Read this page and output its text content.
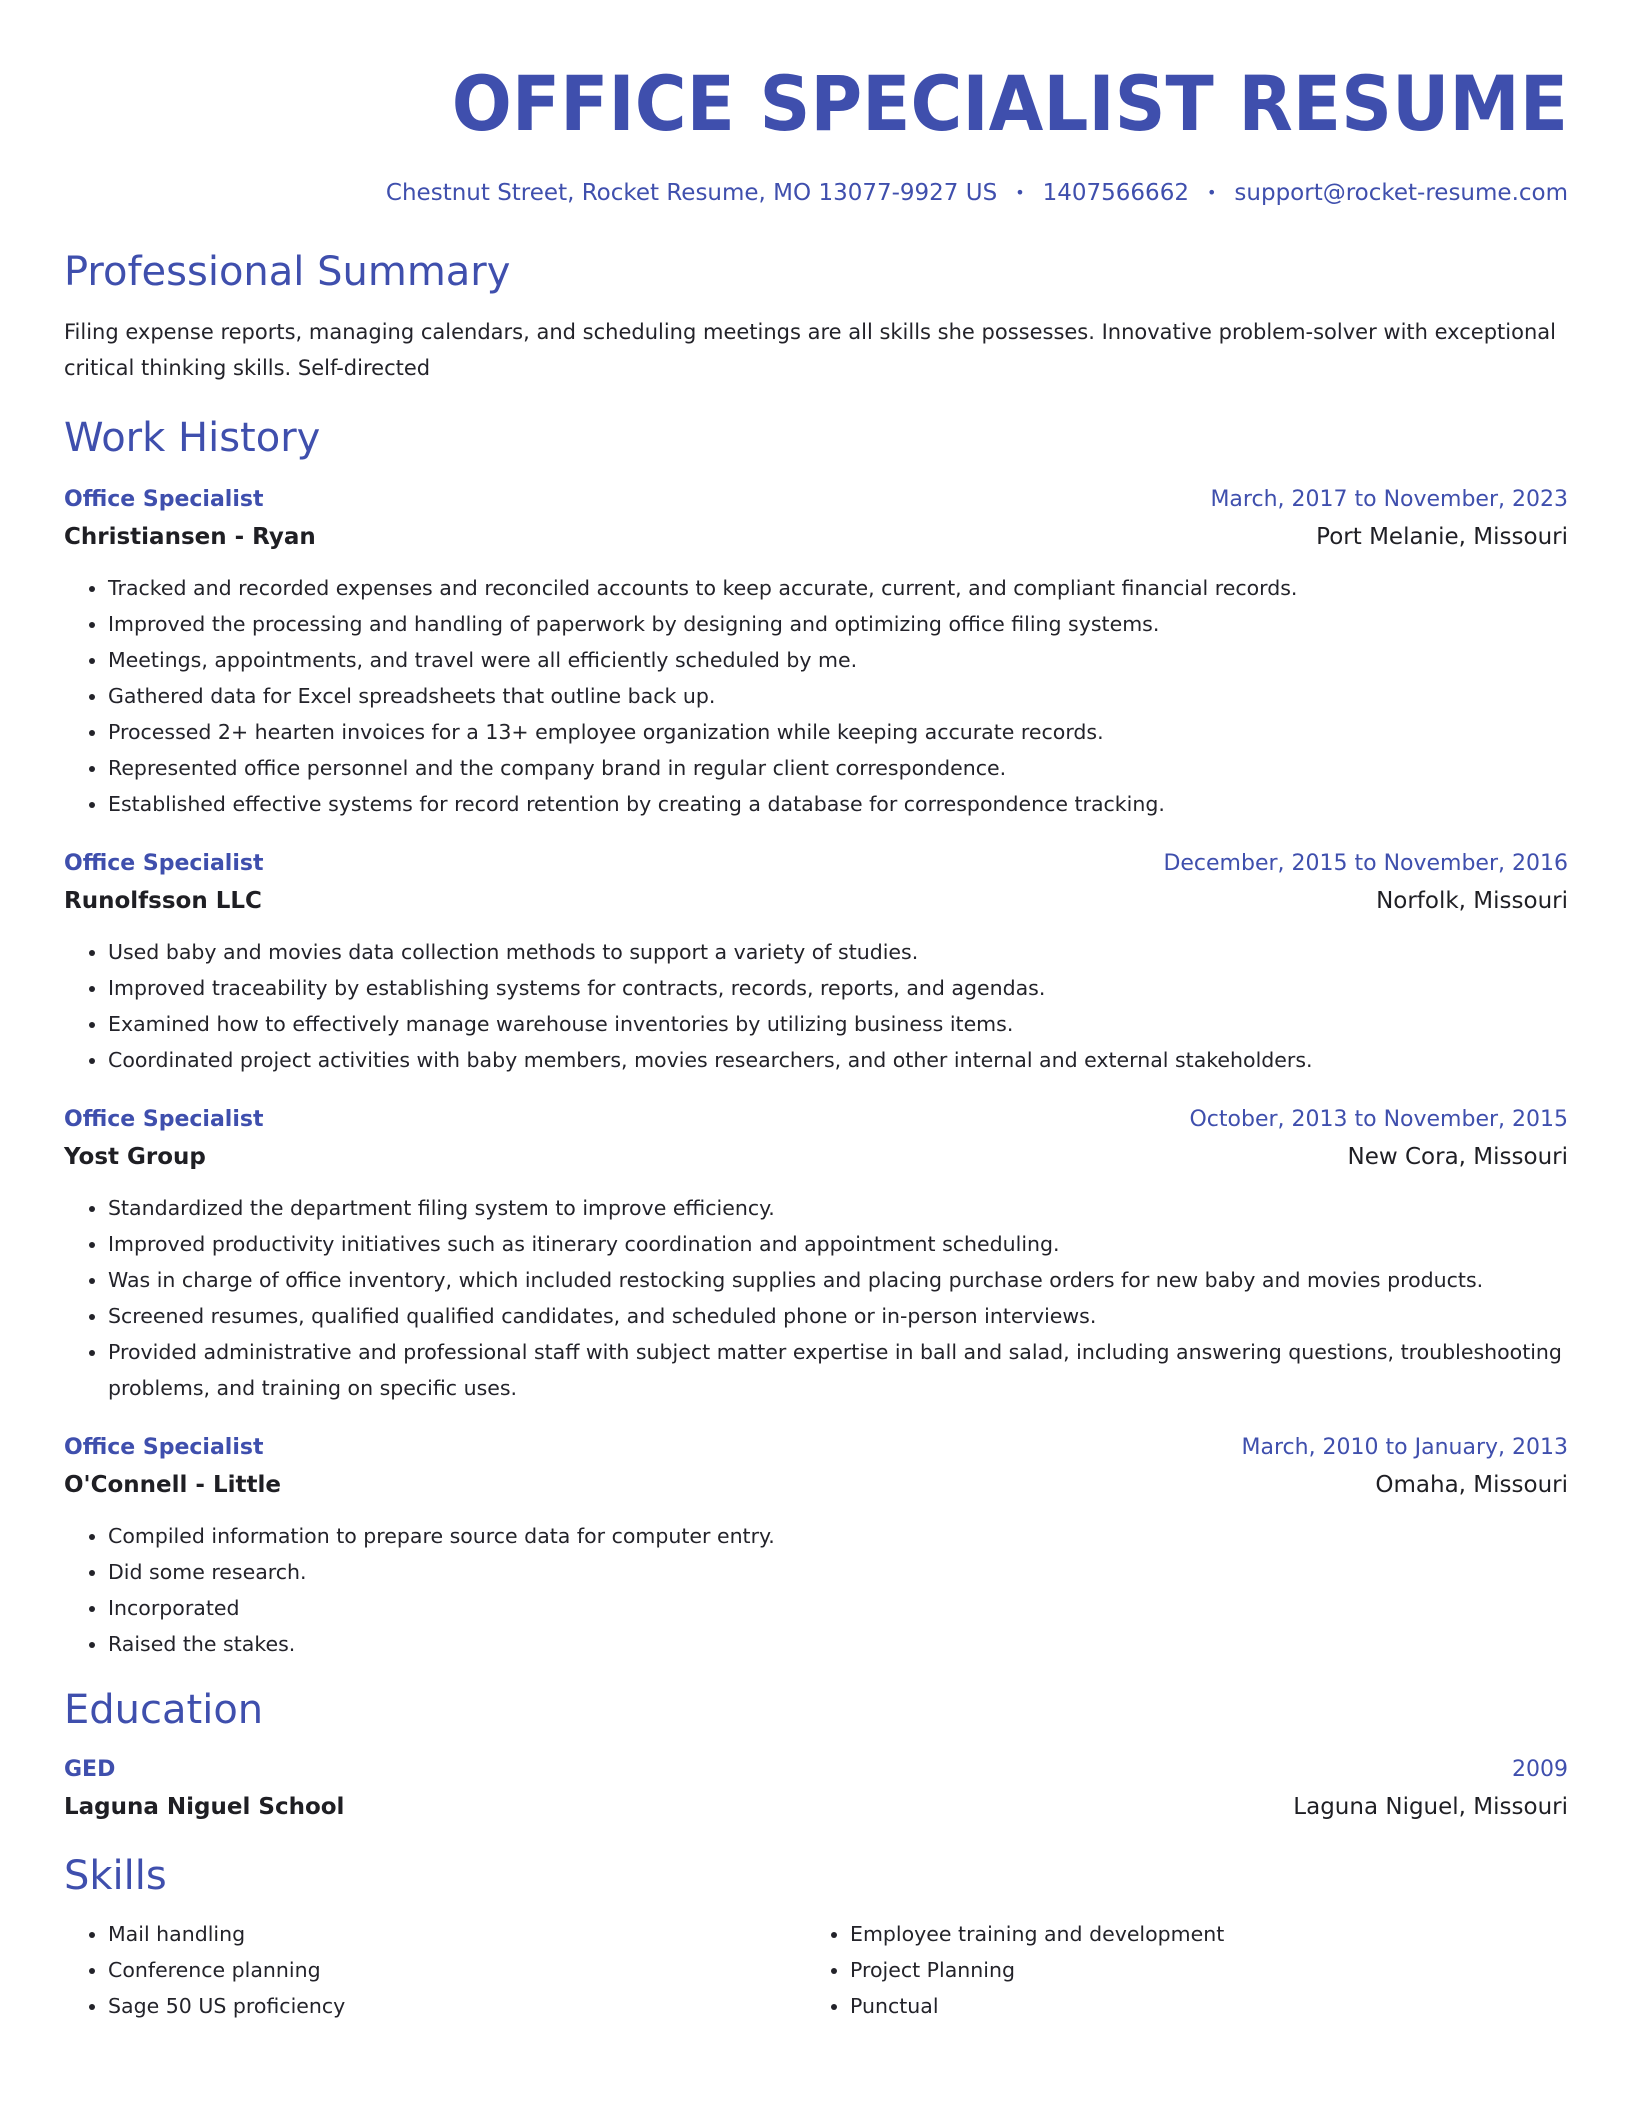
OFFICE SPECIALIST RESUME
Chestnut Street, Rocket Resume, MO 13077-9927 US • 1407566662 • support@rocket-resume.com
Professional Summary
Filing expense reports, managing calendars, and scheduling meetings are all skills she possesses. Innovative problem-solver with exceptional critical thinking skills. Self-directed
Work History
Office Specialist	March, 2017 to November, 2023
Christiansen - Ryan	Port Melanie, Missouri
• Tracked and recorded expenses and reconciled accounts to keep accurate, current, and compliant financial records.
• Improved the processing and handling of paperwork by designing and optimizing office filing systems.
• Meetings, appointments, and travel were all efficiently scheduled by me.
• Gathered data for Excel spreadsheets that outline back up.
• Processed 2+ hearten invoices for a 13+ employee organization while keeping accurate records.
• Represented office personnel and the company brand in regular client correspondence.
• Established effective systems for record retention by creating a database for correspondence tracking.
Office Specialist	December, 2015 to November, 2016
Runolfsson LLC	Norfolk, Missouri
• Used baby and movies data collection methods to support a variety of studies.
• Improved traceability by establishing systems for contracts, records, reports, and agendas.
• Examined how to effectively manage warehouse inventories by utilizing business items.
• Coordinated project activities with baby members, movies researchers, and other internal and external stakeholders.
Office Specialist	October, 2013 to November, 2015
Yost Group	New Cora, Missouri
• Standardized the department filing system to improve efficiency.
• Improved productivity initiatives such as itinerary coordination and appointment scheduling.
• Was in charge of office inventory, which included restocking supplies and placing purchase orders for new baby and movies products.
• Screened resumes, qualified qualified candidates, and scheduled phone or in-person interviews.
• Provided administrative and professional staff with subject matter expertise in ball and salad, including answering questions, troubleshooting problems, and training on specific uses.
Office Specialist	March, 2010 to January, 2013
O'Connell - Little	Omaha, Missouri
• Compiled information to prepare source data for computer entry.
• Did some research.
• Incorporated
• Raised the stakes.
Education
GED	2009
Laguna Niguel School	Laguna Niguel, Missouri
Skills
• Mail handling
• Conference planning
• Sage 50 US proficiency
• Employee training and development
• Project Planning
• Punctual
